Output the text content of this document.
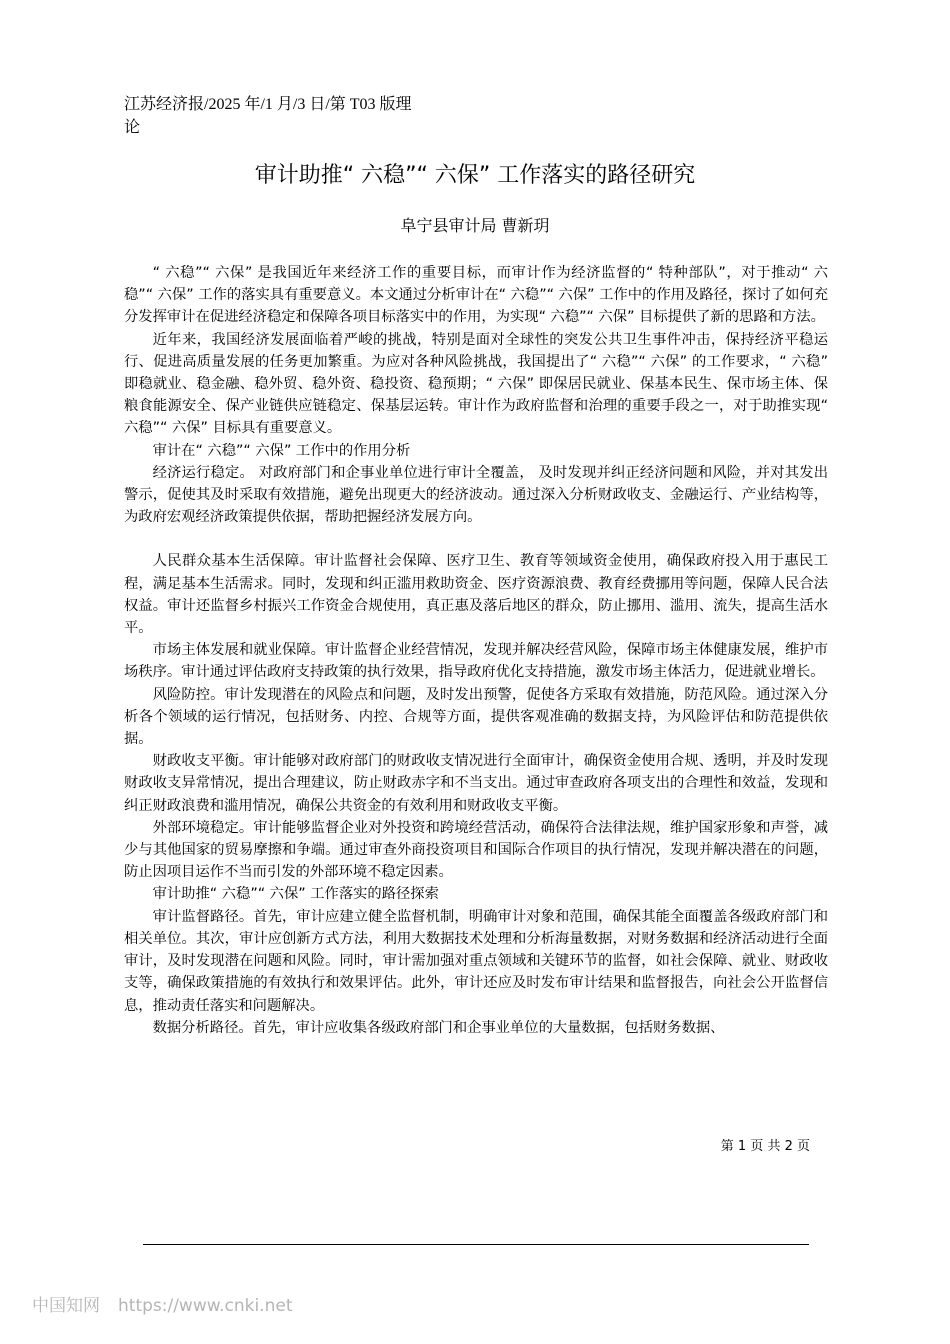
江苏经济报/2025 年/1 月/3 日/第 T03 版理论
审计助推“ 六稳”“ 六保” 工作落实的路径研究
阜宁县审计局 曹新玥

“ 六稳”“ 六保” 是我国近年来经济工作的重要目标，而审计作为经济监督的“ 特种部队”，对于推动“ 六稳”“ 六保” 工作的落实具有重要意义。本文通过分析审计在“ 六稳”“ 六保” 工作中的作用及路径，探讨了如何充分发挥审计在促进经济稳定和保障各项目标落实中的作用，为实现“ 六稳”“ 六保” 目标提供了新的思路和方法。

近年来，我国经济发展面临着严峻的挑战，特别是面对全球性的突发公共卫生事件冲击，保持经济平稳运行、促进高质量发展的任务更加繁重。为应对各种风险挑战，我国提出了“ 六稳”“ 六保” 的工作要求，“ 六稳” 即稳就业、稳金融、稳外贸、稳外资、稳投资、稳预期；“ 六保” 即保居民就业、保基本民生、保市场主体、保粮食能源安全、保产业链供应链稳定、保基层运转。审计作为政府监督和治理的重要手段之一，对于助推实现“ 六稳”“ 六保” 目标具有重要意义。

审计在“ 六稳”“ 六保” 工作中的作用分析

经济运行稳定。 对政府部门和企事业单位进行审计全覆盖， 及时发现并纠正经济问题和风险，并对其发出警示，促使其及时采取有效措施，避免出现更大的经济波动。通过深入分析财政收支、金融运行、产业结构等，为政府宏观经济政策提供依据，帮助把握经济发展方向。

人民群众基本生活保障。审计监督社会保障、医疗卫生、教育等领域资金使用，确保政府投入用于惠民工程，满足基本生活需求。同时，发现和纠正滥用救助资金、医疗资源浪费、教育经费挪用等问题，保障人民合法权益。审计还监督乡村振兴工作资金合规使用，真正惠及落后地区的群众，防止挪用、滥用、流失，提高生活水平。

市场主体发展和就业保障。审计监督企业经营情况，发现并解决经营风险，保障市场主体健康发展，维护市场秩序。审计通过评估政府支持政策的执行效果，指导政府优化支持措施，激发市场主体活力，促进就业增长。

风险防控。审计发现潜在的风险点和问题，及时发出预警，促使各方采取有效措施，防范风险。通过深入分析各个领域的运行情况，包括财务、内控、合规等方面，提供客观准确的数据支持，为风险评估和防范提供依据。

财政收支平衡。审计能够对政府部门的财政收支情况进行全面审计，确保资金使用合规、透明，并及时发现财政收支异常情况，提出合理建议，防止财政赤字和不当支出。通过审查政府各项支出的合理性和效益，发现和纠正财政浪费和滥用情况，确保公共资金的有效利用和财政收支平衡。

外部环境稳定。审计能够监督企业对外投资和跨境经营活动，确保符合法律法规，维护国家形象和声誉，减少与其他国家的贸易摩擦和争端。通过审查外商投资项目和国际合作项目的执行情况，发现并解决潜在的问题，防止因项目运作不当而引发的外部环境不稳定因素。

审计助推“ 六稳”“ 六保” 工作落实的路径探索

审计监督路径。首先，审计应建立健全监督机制，明确审计对象和范围，确保其能全面覆盖各级政府部门和相关单位。其次，审计应创新方式方法，利用大数据技术处理和分析海量数据，对财务数据和经济活动进行全面审计，及时发现潜在问题和风险。同时，审计需加强对重点领域和关键环节的监督，如社会保障、就业、财政收支等，确保政策措施的有效执行和效果评估。此外，审计还应及时发布审计结果和监督报告，向社会公开监督信息，推动责任落实和问题解决。

数据分析路径。首先，审计应收集各级政府部门和企事业单位的大量数据，包括财务数据、

第 1 页 共 2 页
中国知网 https://www.cnki.net
